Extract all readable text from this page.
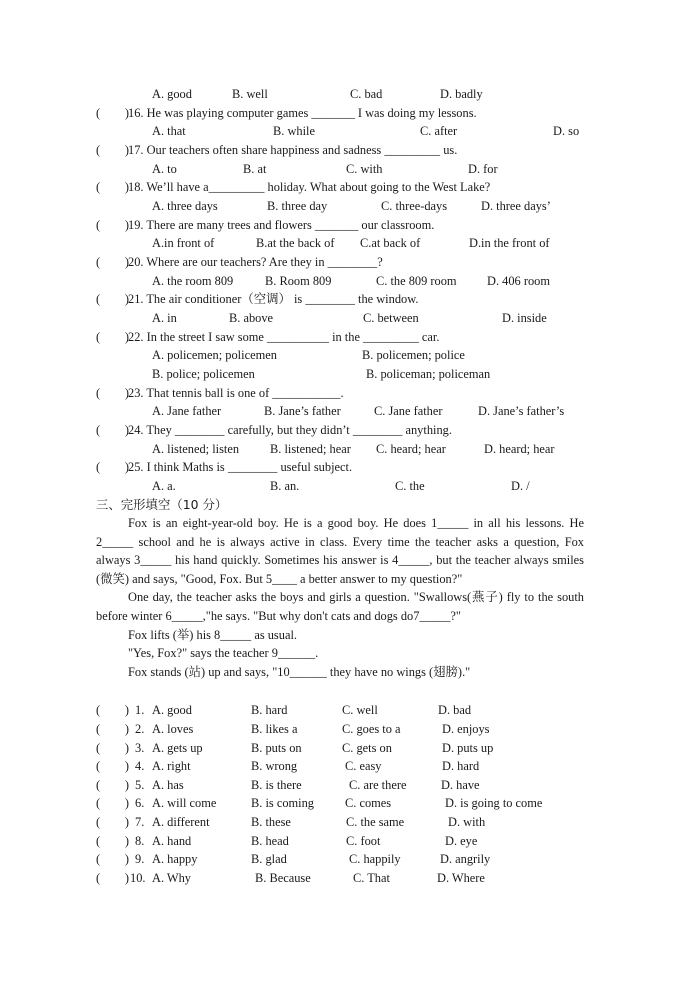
A. good	B. well	C. bad	D. badly
(　　)
16. He was playing computer games _______ I was doing my lessons.
A. that	B. while	C. after	D. so
(　　)
17. Our teachers often share happiness and sadness _________ us.
A. to	B. at	C. with	D. for
(　　)
18. We’ll have a_________ holiday. What about going to the West Lake?
A. three days	B. three day	C. three-days	D. three days’
(　　)
19. There are many trees and flowers _______ our classroom.
A.in front of	B.at the back of C.at back of	D.in the front of
(　　)
20. Where are our teachers? Are they in ________?
A. the room 809	B. Room 809	C. the 809 room D. 406 room
(　　)
21. The air conditioner（空调） is ________ the window.
A. in	B. above	C. between	D. inside
(　　)
22. In the street I saw some __________ in the _________ car.
A. policemen; policemen	B. policemen; police
B. police; policemen	B. policeman; policeman
(　　)
23. That tennis ball is one of ___________.
A. Jane father	B. Jane’s father	C. Jane father	D. Jane’s father’s
(　　)
24. They ________ carefully, but they didn’t ________ anything.
A. listened; listen B. listened; hear C. heard; hear	D. heard; hear
(　　)
25. I think Maths is ________ useful subject.
A. a.	B. an.	C. the	D. /
三、完形填空（10 分）

Fox is an eight-year-old boy. He is a good boy. He does 1_____ in all his lessons. He 2_____ school and he is always active in class. Every time the teacher asks a question, Fox always 3_____ his hand quickly. Sometimes his answer is 4_____, but the teacher always smiles (微笑) and says, "Good, Fox. But 5____ a better answer to my question?"

One day, the teacher asks the boys and girls a question. "Swallows(燕子) fly to the south before winter 6_____,"he says. "But why don't cats and dogs do7_____?"

Fox lifts (举) his 8_____ as usual.

"Yes, Fox?" says the teacher 9______.

Fox stands (站) up and says, "10______ they have no wings (翅膀)."

(　　) 1. A. good	B. hard	C. well	D. bad
(　　) 2. A. loves	B. likes a	C. goes to a	D. enjoys
(　　) 3. A. gets up	B. puts on	C. gets on	D. puts up
(　　) 4. A. right	B. wrong	C. easy	D. hard
(　　) 5. A. has	B. is there	C. are there	D. have
(　　) 6. A. will come	B. is coming	C. comes	D. is going to come
(　　) 7. A. different	B. these	C. the same	D. with
(　　) 8. A. hand	B. head	C. foot	D. eye
(　　) 9. A. happy	B. glad	C. happily	D. angrily
(　　) 10. A. Why	B. Because	C. That	D. Where
